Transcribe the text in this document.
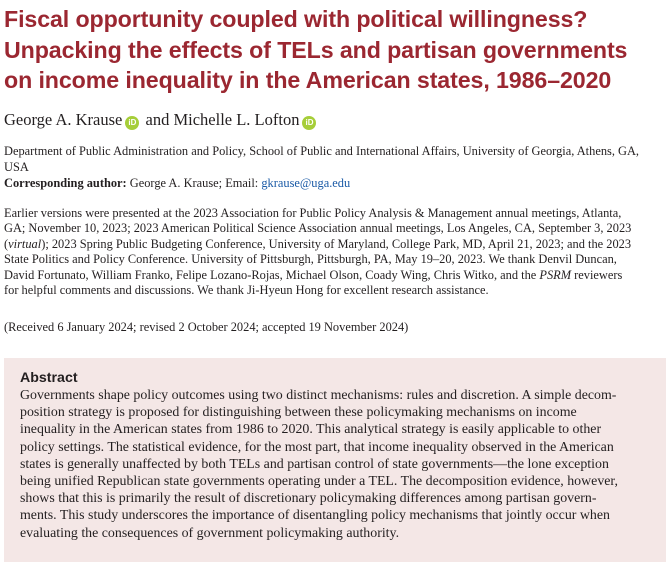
Fiscal opportunity coupled with political willingness?
Unpacking the effects of TELs and partisan governments
on income inequality in the American states, 1986–2020
George A. Krause iD and Michelle L. Lofton iD
Department of Public Administration and Policy, School of Public and International Affairs, University of Georgia, Athens, GA, USA
Corresponding author: George A. Krause; Email: gkrause@uga.edu
Earlier versions were presented at the 2023 Association for Public Policy Analysis & Management annual meetings, Atlanta,
GA; November 10, 2023; 2023 American Political Science Association annual meetings, Los Angeles, CA, September 3, 2023
(virtual); 2023 Spring Public Budgeting Conference, University of Maryland, College Park, MD, April 21, 2023; and the 2023
State Politics and Policy Conference. University of Pittsburgh, Pittsburgh, PA, May 19–20, 2023. We thank Denvil Duncan,
David Fortunato, William Franko, Felipe Lozano-Rojas, Michael Olson, Coady Wing, Chris Witko, and the PSRM reviewers
for helpful comments and discussions. We thank Ji-Hyeun Hong for excellent research assistance.
(Received 6 January 2024; revised 2 October 2024; accepted 19 November 2024)
Abstract
Governments shape policy outcomes using two distinct mechanisms: rules and discretion. A simple decom-
position strategy is proposed for distinguishing between these policymaking mechanisms on income
inequality in the American states from 1986 to 2020. This analytical strategy is easily applicable to other
policy settings. The statistical evidence, for the most part, that income inequality observed in the American
states is generally unaffected by both TELs and partisan control of state governments—the lone exception
being unified Republican state governments operating under a TEL. The decomposition evidence, however,
shows that this is primarily the result of discretionary policymaking differences among partisan govern-
ments. This study underscores the importance of disentangling policy mechanisms that jointly occur when
evaluating the consequences of government policymaking authority.
